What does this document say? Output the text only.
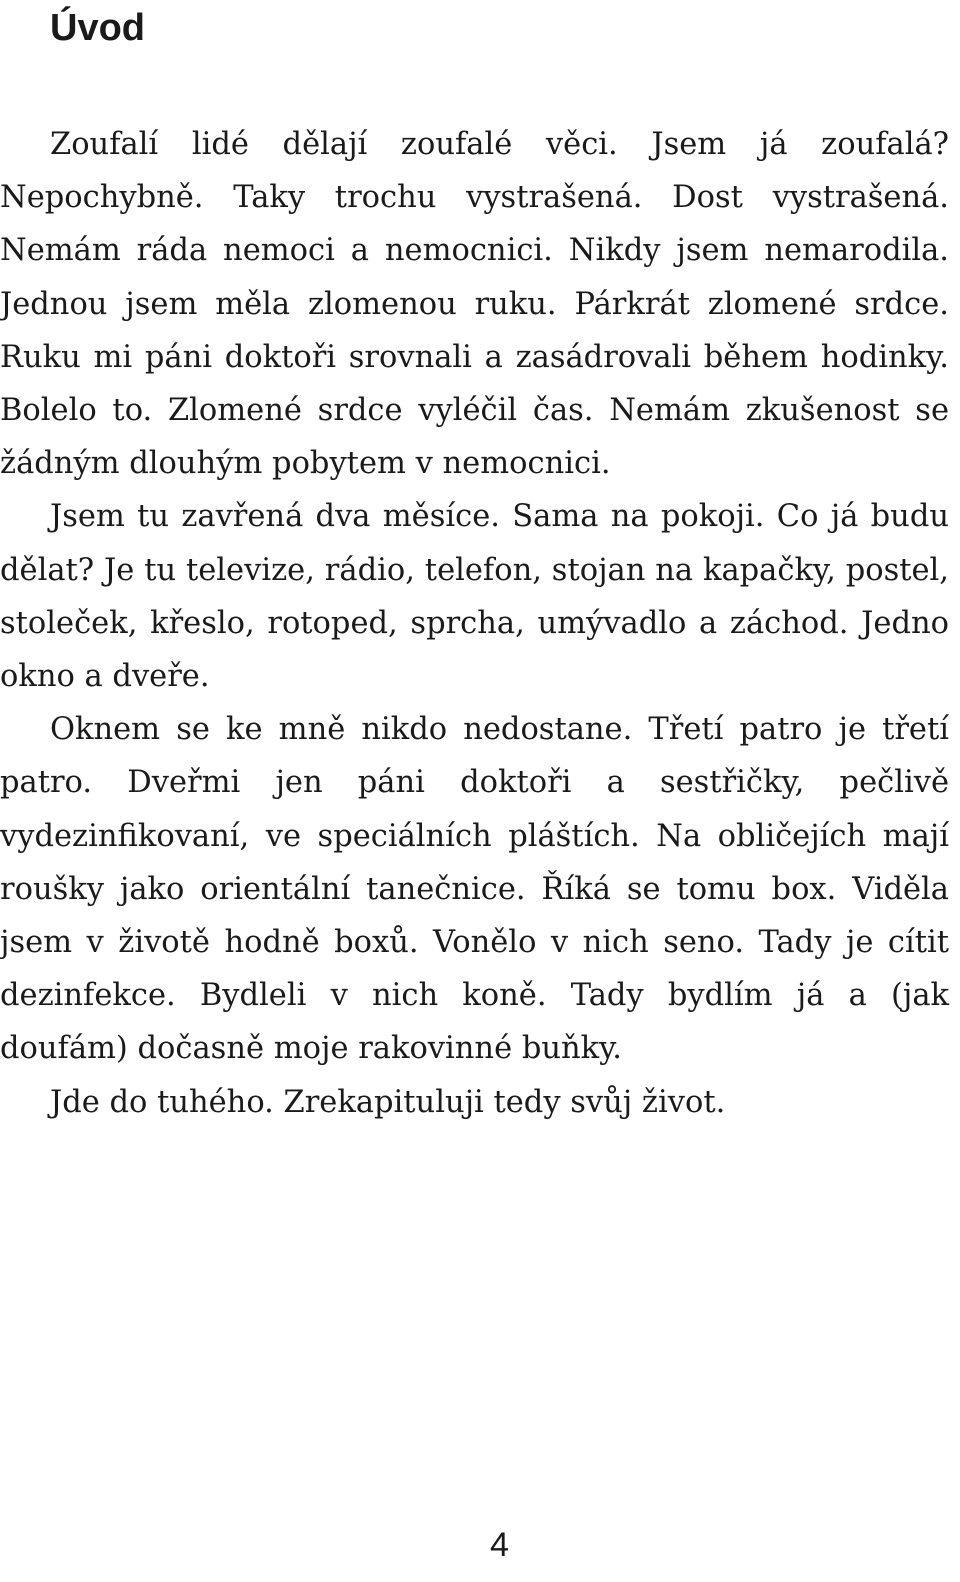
Úvod

Zoufalí lidé dělají zoufalé věci. Jsem já zoufalá? Nepochybně. Taky trochu vystrašená. Dost vystrašená. Nemám ráda nemoci a nemocnici. Nikdy jsem nemarodila. Jednou jsem měla zlomenou ruku. Párkrát zlomené srdce. Ruku mi páni doktoři srovnali a zasádrovali během hodinky. Bolelo to. Zlomené srdce vyléčil čas. Nemám zkušenost se žádným dlouhým pobytem v nemocnici.

Jsem tu zavřená dva měsíce. Sama na pokoji. Co já budu dělat? Je tu televize, rádio, telefon, stojan na kapačky, postel, stoleček, křeslo, rotoped, sprcha, umývadlo a záchod. Jedno okno a dveře.

Oknem se ke mně nikdo nedostane. Třetí patro je třetí patro. Dveřmi jen páni doktoři a sestřičky, pečlivě vydezinfikovaní, ve speciálních pláštích. Na obličejích mají roušky jako orientální tanečnice. Říká se tomu box. Viděla jsem v životě hodně boxů. Vonělo v nich seno. Tady je cítit dezinfekce. Bydleli v nich koně. Tady bydlím já a (jak doufám) dočasně moje rakovinné buňky.

Jde do tuhého. Zrekapituluji tedy svůj život.

4
